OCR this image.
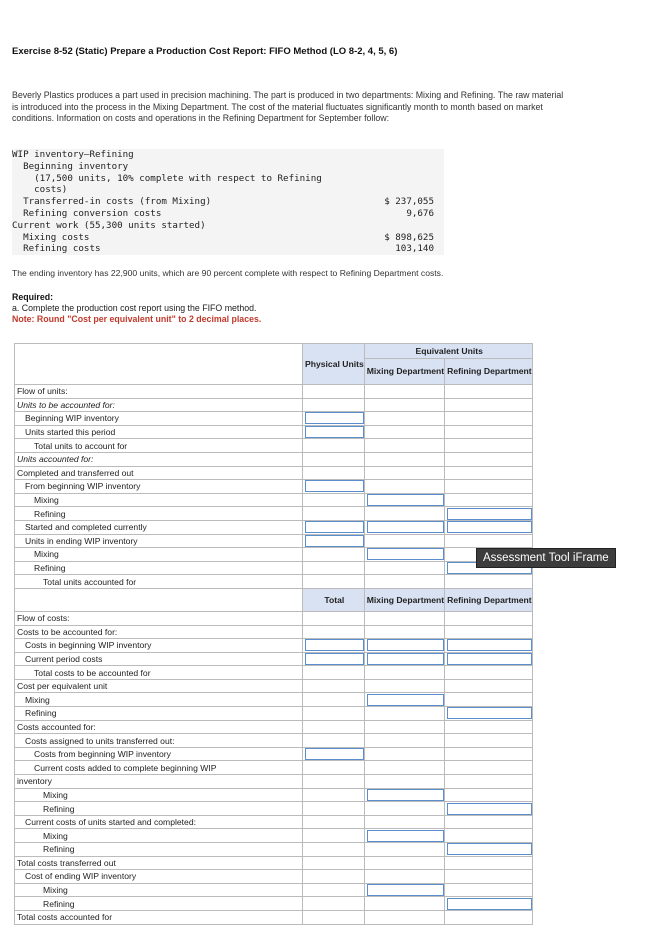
Exercise 8-52 (Static) Prepare a Production Cost Report: FIFO Method (LO 8-2, 4, 5, 6)
Beverly Plastics produces a part used in precision machining. The part is produced in two departments: Mixing and Refining. The raw material is introduced into the process in the Mixing Department. The cost of the material fluctuates significantly month to month based on market conditions. Information on costs and operations in the Refining Department for September follow:
WIP inventory—Refining
Beginning inventory
(17,500 units, 10% complete with respect to Refining
costs)
Transferred-in costs (from Mixing)	$ 237,055
Refining conversion costs	9,676
Current work (55,300 units started)
Mixing costs	$ 898,625
Refining costs	103,140
The ending inventory has 22,900 units, which are 90 percent complete with respect to Refining Department costs.
Required:
a. Complete the production cost report using the FIFO method.
Note: Round "Cost per equivalent unit" to 2 decimal places.
	Physical Units	Equivalent Units	
		Mixing Department	Refining Department
Flow of units:			
Units to be accounted for:			
Beginning WIP inventory	

Units started this period	

Total units to account for			
Units accounted for:			
Completed and transferred out			
From beginning WIP inventory	

Mixing		

Refining			

Started and completed currently	

Units in ending WIP inventory	

Mixing		

Refining			

Total units accounted for			
	Total	Mixing Department	Refining Department
Flow of costs:			
Costs to be accounted for:			
Costs in beginning WIP inventory	

Current period costs	

Total costs to be accounted for			
Cost per equivalent unit			
Mixing		

Refining			

Costs accounted for:			
Costs assigned to units transferred out:			
Costs from beginning WIP inventory	

Current costs added to complete beginning WIP			
inventory			
Mixing		

Refining			

Current costs of units started and completed:			
Mixing		

Refining			

Total costs transferred out			
Cost of ending WIP inventory			
Mixing		

Refining			

Total costs accounted for			
Assessment Tool iFrame
